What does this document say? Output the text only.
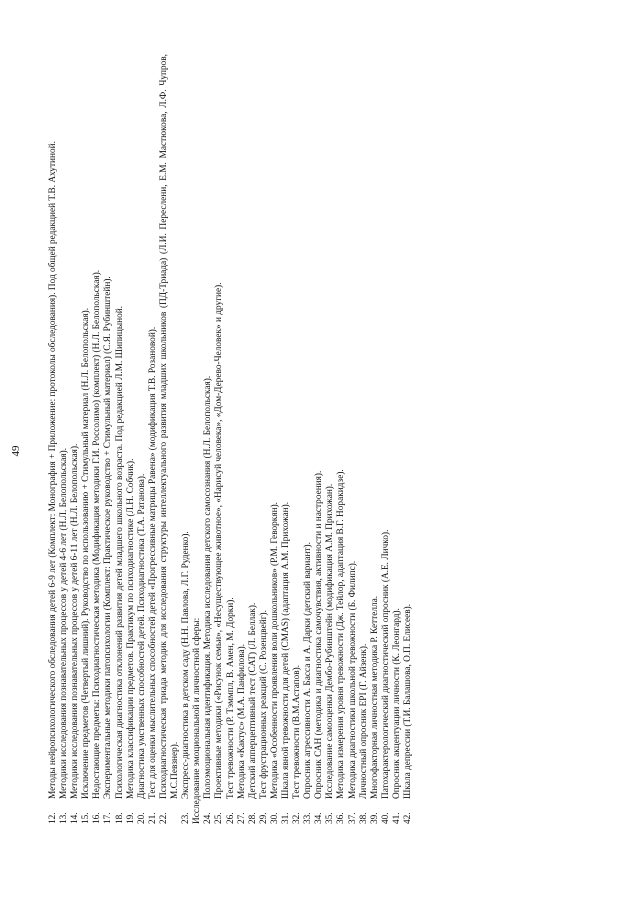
49
12.
Методы нейропсихологического обследования детей 6-9 лет (Комплект: Монография + Приложение: протоколы обследования). Под общей редакцией Т.В. Ахутиной.
13.
Методики исследования познавательных процессов у детей 4-6 лет (Н.Л. Белопольская).
14.
Методики исследования познавательных процессов у детей 6-11 лет (Н.Л. Белопольская).
15.
Исключение предметов (Четвертый лишний). Руководство по использованию + Стимульный материал (Н.Л. Белопольская).
16.
Недостающие предметы: Психодиагностическая методика (Модификация методики Г.И. Россолимо) (комплект) (Н.Л. Белопольская).
17.
Экспериментальные методики патопсихологии (Комплект: Практическое руководство + Стимульный материал) (С.Я. Рубинштейн).
18.
Психологическая диагностика отклонений развития детей младшего школьного возраста. Под редакцией Л.М. Шипицыной.
19.
Методика классификации предметов. Практикум по психодиагностике (Л.Н. Собчик).
20.
Диагностика умственных способностей детей. Психодиагностика (Т.А. Ратанова).
21.
Тест для оценки мыслительных способностей детей «Прогрессивные матрицы Равена» (модификация Т.В. Розановой).
22.
Психодиагностическая триада методик для исследования структуры интеллектуального развития младших школьников (ПД-Триада) (Л.И. Переслени, Е.М. Мастюкова, Л.Ф. Чупров, М.С.Певзнер).
23.
Экспресс-диагностика в детском саду (Н.Н. Павлова, Л.Г. Руденко). Исследование эмоциональной и личностной сферы: 24.
Полоэмоциональная идентификация. Методика исследования детского самосознания (Н.Л. Белопольская).
25.
Проективные методики («Рисунок семьи», «Несуществующее животное», «Нарисуй человека», «Дом-Дерево-Человек» и другие).
26.
Тест тревожности (Р. Тэммпл, В. Амен, М. Дорки).
27.
Методика «Кактус» (М.А. Панфилова).
28.
Детский апперцептивный тест (CAT) (Л. Беллак).
29.
Тест фрустрационных реакций (С. Розенцвейг).
30.
Методика «Особенности проявления воли дошкольников» (Р.М. Геворкян).
31.
Шкала явной тревожности для детей (CMAS) (адаптация А.М. Прихожан).
32.
Тест тревожности (В.М.Астапов).
33.
Опросник агрессивности А. Басса и А. Дарки (детский вариант).
34.
Опросник САН (методика и диагностика самочувствия, активности и настроения).
35.
Исследование самооценки Дембо-Рубинштейн (модификация А.М. Прихожан).
36.
Методика измерения уровня тревожности (Дж. Тейлор, адаптация В.Г. Норакидзе).
37.
Методика диагностики школьной тревожности (Б. Филипс).
38.
Личностный опросник EPI (Г. Айзенк).
39.
Многофакторная личностная методика Р. Кеттелла.
40.
Патохарактерологический диагностический опросник (А.Е. Личко).
41.
Опросник акцентуации личности (К. Леонгард).
42.
Шкала депрессии (Т.И. Балашова, О.П. Елисеев).
